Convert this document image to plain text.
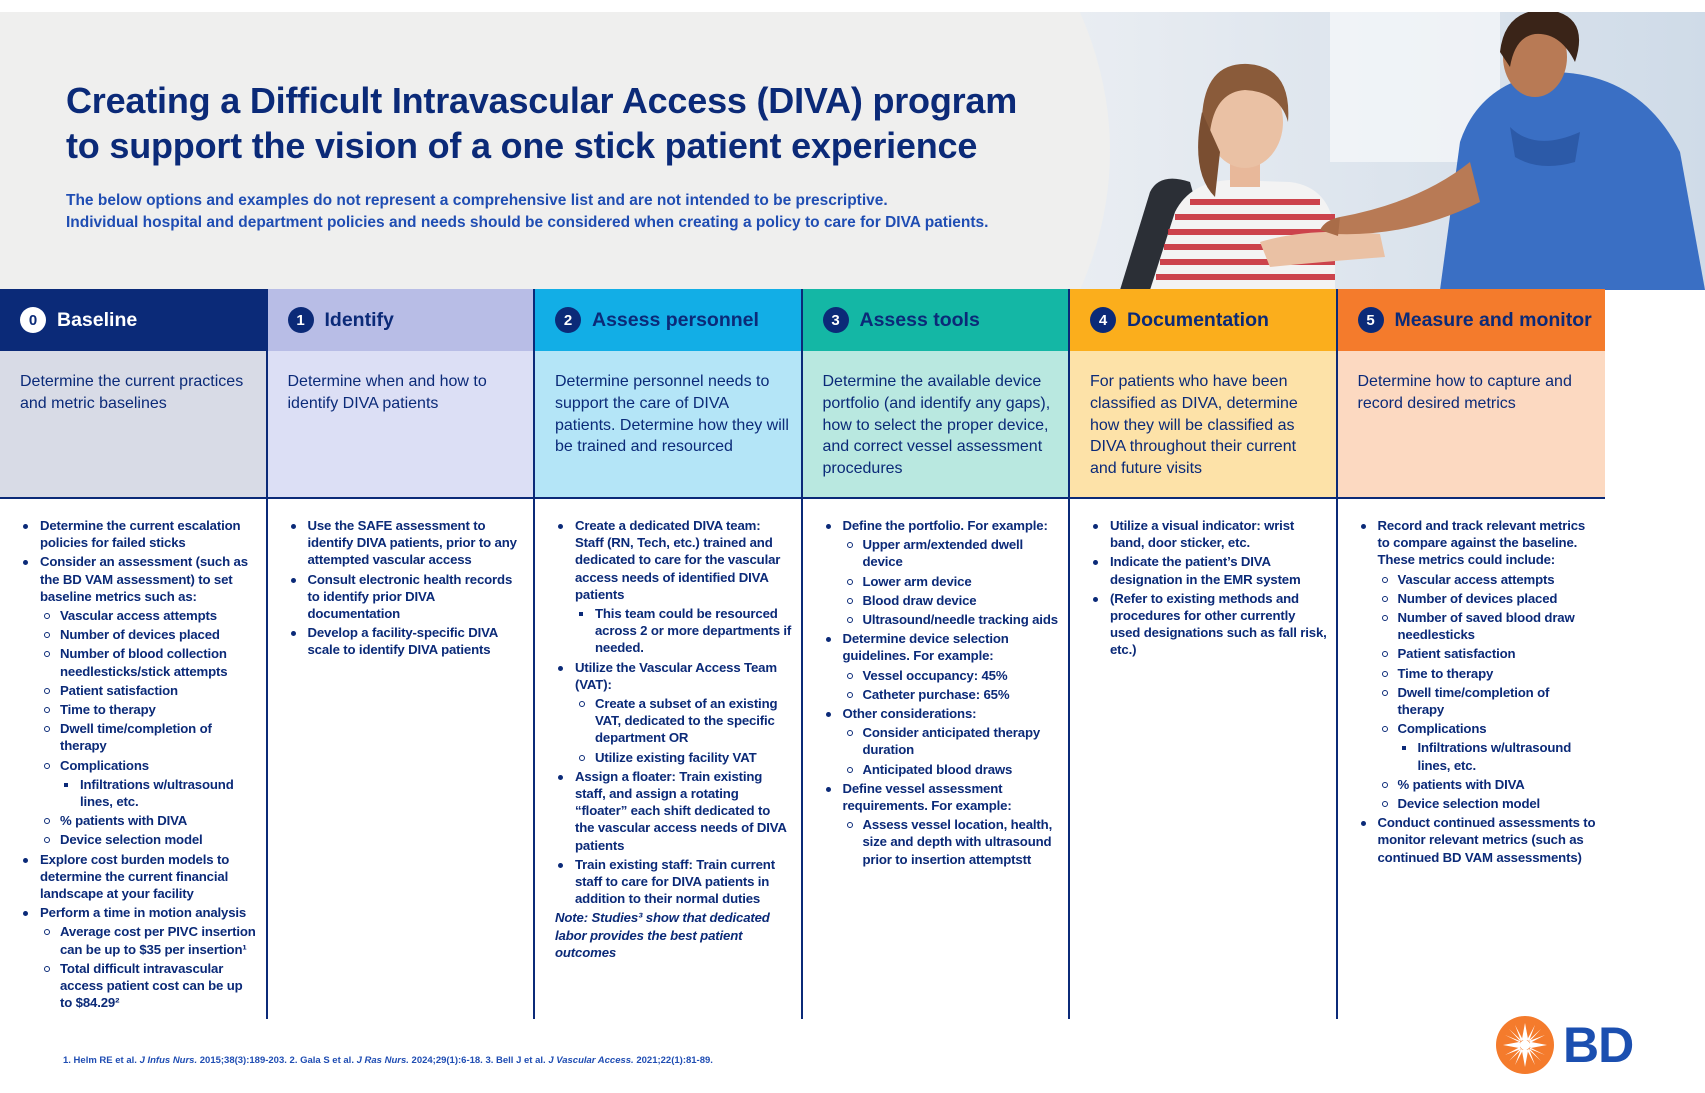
Creating a Difficult Intravascular Access (DIVA) program
to support the vision of a one stick patient experience
The below options and examples do not represent a comprehensive list and are not intended to be prescriptive.
Individual hospital and department policies and needs should be considered when creating a policy to care for DIVA patients.
0	Baseline
Determine the current practices and metric baselines
Determine the current escalation policies for failed sticks
Consider an assessment (such as the BD VAM assessment) to set baseline metrics such as:
Vascular access attempts
Number of devices placed
Number of blood collection needlesticks/stick attempts
Patient satisfaction
Time to therapy
Dwell time/completion of therapy
Complications
Infiltrations w/ultrasound lines, etc.
% patients with DIVA
Device selection model
Explore cost burden models to determine the current financial landscape at your facility
Perform a time in motion analysis
Average cost per PIVC insertion can be up to $35 per insertion¹
Total difficult intravascular access patient cost can be up to $84.29²
1	Identify
Determine when and how to identify DIVA patients
Use the SAFE assessment to identify DIVA patients, prior to any attempted vascular access
Consult electronic health records to identify prior DIVA documentation
Develop a facility-specific DIVA scale to identify DIVA patients
2	Assess personnel
Determine personnel needs to support the care of DIVA patients. Determine how they will be trained and resourced
Create a dedicated DIVA team: Staff (RN, Tech, etc.) trained and dedicated to care for the vascular access needs of identified DIVA patients
This team could be resourced across 2 or more departments if needed.
Utilize the Vascular Access Team (VAT):
Create a subset of an existing VAT, dedicated to the specific department OR
Utilize existing facility VAT
Assign a floater: Train existing staff, and assign a rotating “floater” each shift dedicated to the vascular access needs of DIVA patients
Train existing staff: Train current staff to care for DIVA patients in addition to their normal duties
Note: Studies³ show that dedicated labor provides the best patient outcomes
3	Assess tools
Determine the available device portfolio (and identify any gaps), how to select the proper device, and correct vessel assessment procedures
Define the portfolio. For example:
Upper arm/extended dwell device
Lower arm device
Blood draw device
Ultrasound/needle tracking aids
Determine device selection guidelines. For example:
Vessel occupancy: 45%
Catheter purchase: 65%
Other considerations:
Consider anticipated therapy duration
Anticipated blood draws
Define vessel assessment requirements. For example:
Assess vessel location, health, size and depth with ultrasound prior to insertion attemptstt
4	Documentation
For patients who have been classified as DIVA, determine how they will be classified as DIVA throughout their current and future visits
Utilize a visual indicator: wrist band, door sticker, etc.
Indicate the patient’s DIVA designation in the EMR system
(Refer to existing methods and procedures for other currently used designations such as fall risk, etc.)
5	Measure and monitor
Determine how to capture and record desired metrics
Record and track relevant metrics to compare against the baseline. These metrics could include:
Vascular access attempts
Number of devices placed
Number of saved blood draw needlesticks
Patient satisfaction
Time to therapy
Dwell time/completion of therapy
Complications
Infiltrations w/ultrasound lines, etc.
% patients with DIVA
Device selection model
Conduct continued assessments to monitor relevant metrics (such as continued BD VAM assessments)
1. Helm RE et al. J Infus Nurs. 2015;38(3):189-203. 2. Gala S et al. J Ras Nurs. 2024;29(1):6-18. 3. Bell J et al. J Vascular Access. 2021;22(1):81-89.	BD
